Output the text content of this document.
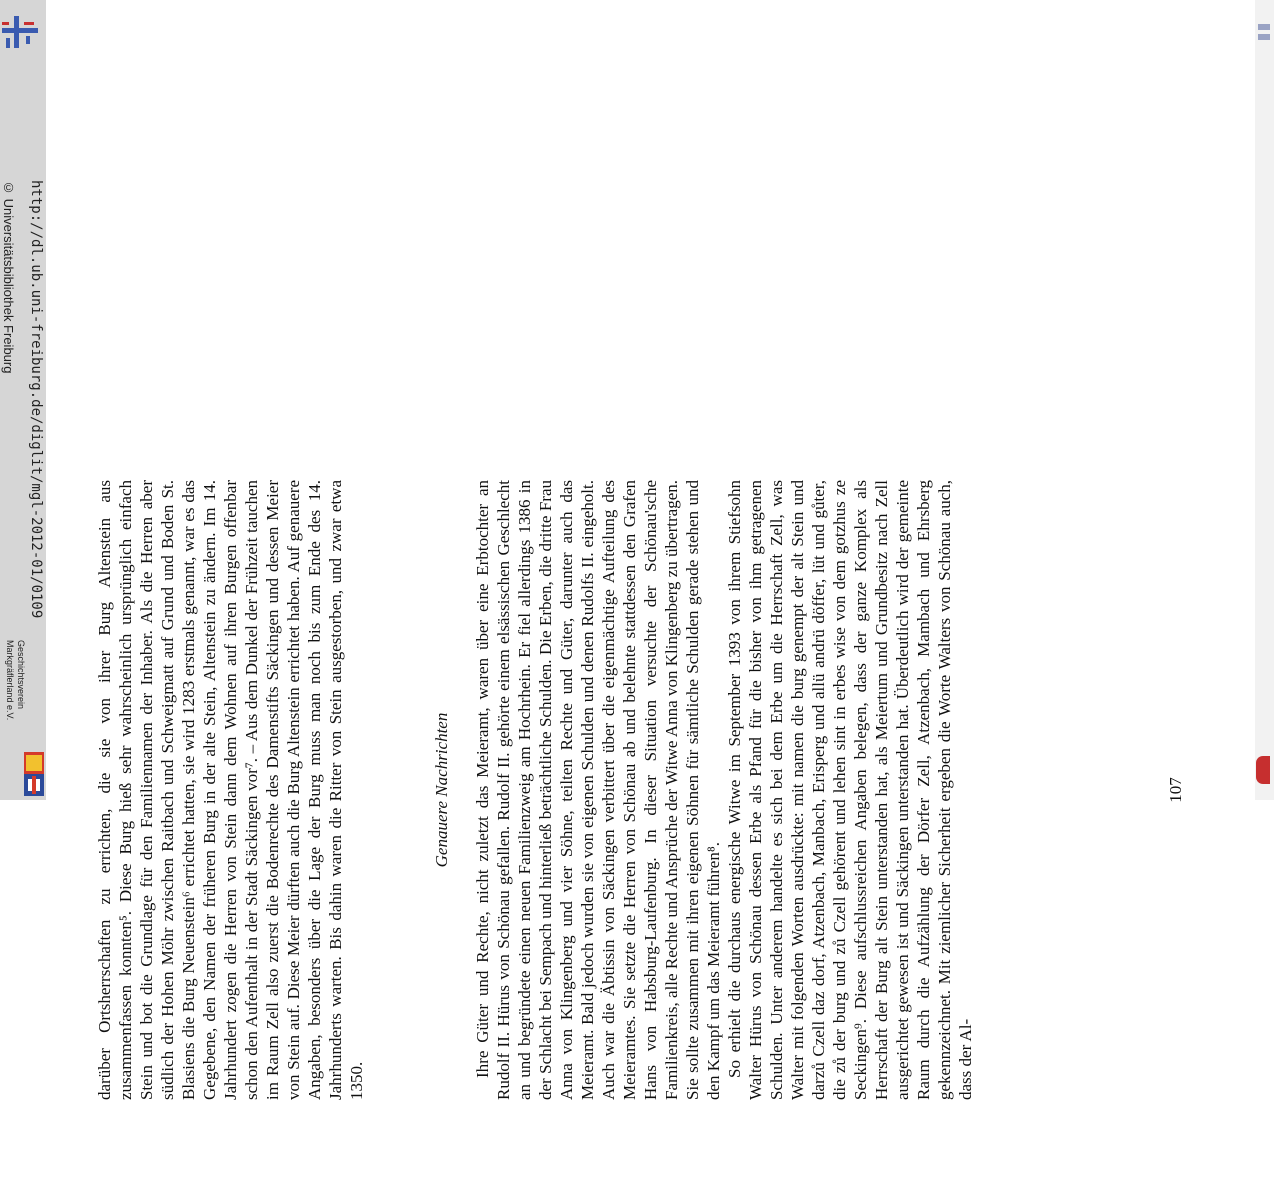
http://dl.ub.uni-freiburg.de/diglit/mgl-2012-01/0109
© Universitätsbibliothek Freiburg
Geschichtsverein
Markgräflerland e.V.	darüber Ortsherrschaften zu errichten, die sie von ihrer Burg Altenstein aus zusammenfassen konnten⁵. Diese Burg hieß sehr wahrscheinlich ursprünglich einfach Stein und bot die Grundlage für den Familiennamen der Inhaber. Als die Herren aber südlich der Hohen Möhr zwischen Raitbach und Schweigmatt auf Grund und Boden St. Blasiens die Burg Neuenstein⁶ errichtet hatten, sie wird 1283 erstmals genannt, war es das Gegebene, den Namen der früheren Burg in der alte Stein, Altenstein zu ändern. Im 14. Jahrhundert zogen die Herren von Stein dann dem Wohnen auf ihren Burgen offenbar schon den Aufenthalt in der Stadt Säckingen vor⁷. – Aus dem Dunkel der Frühzeit tauchen im Raum Zell also zuerst die Bodenrechte des Damenstifts Säckingen und dessen Meier von Stein auf. Diese Meier dürften auch die Burg Altenstein errichtet haben. Auf genauere Angaben, besonders über die Lage der Burg muss man noch bis zum Ende des 14. Jahrhunderts warten. Bis dahin waren die Ritter von Stein ausgestorben, und zwar etwa 1350.

Genauere Nachrichten Ihre Güter und Rechte, nicht zuletzt das Meieramt, waren über eine Erbtochter an Rudolf II. Hürus von Schönau gefallen. Rudolf II. gehörte einem elsässischen Geschlecht an und begründete einen neuen Familienzweig am Hochrhein. Er fiel allerdings 1386 in der Schlacht bei Sempach und hinterließ beträchtliche Schulden. Die Erben, die dritte Frau Anna von Klingenberg und vier Söhne, teilten Rechte und Güter, darunter auch das Meieramt. Bald jedoch wurden sie von eigenen Schulden und denen Rudolfs II. eingeholt. Auch war die Äbtissin von Säckingen verbittert über die eigenmächtige Aufteilung des Meieramtes. Sie setzte die Herren von Schönau ab und belehnte stattdessen den Grafen Hans von Habsburg-Laufenburg. In dieser Situation versuchte der Schönau'sche Familienkreis, alle Rechte und Ansprüche der Witwe Anna von Klingenberg zu übertragen. Sie sollte zusammen mit ihren eigenen Söhnen für sämtliche Schulden gerade stehen und den Kampf um das Meieramt führen⁸. So erhielt die durchaus energische Witwe im September 1393 von ihrem Stiefsohn Walter Hürus von Schönau dessen Erbe als Pfand für die bisher von ihm getragenen Schulden. Unter anderem handelte es sich bei dem Erbe um die Herrschaft Zell, was Walter mit folgenden Worten ausdrückte: mit namen die burg genempt der alt Stein und darzů Czell daz dorf, Atzenbach, Manbach, Erisperg und allü andrü döffer, lüt und gůter, die zů der burg und zů Czell gehörent und lehen sint in erbes wise von dem gotzhus ze Seckingen⁹. Diese aufschlussreichen Angaben belegen, dass der ganze Komplex als Herrschaft der Burg alt Stein unterstanden hat, als Meiertum und Grundbesitz nach Zell ausgerichtet gewesen ist und Säckingen unterstanden hat. Überdeutlich wird der gemeinte Raum durch die Aufzählung der Dörfer Zell, Atzenbach, Mambach und Ehrsberg gekennzeichnet. Mit ziemlicher Sicherheit ergeben die Worte Walters von Schönau auch, dass der Al-

107
